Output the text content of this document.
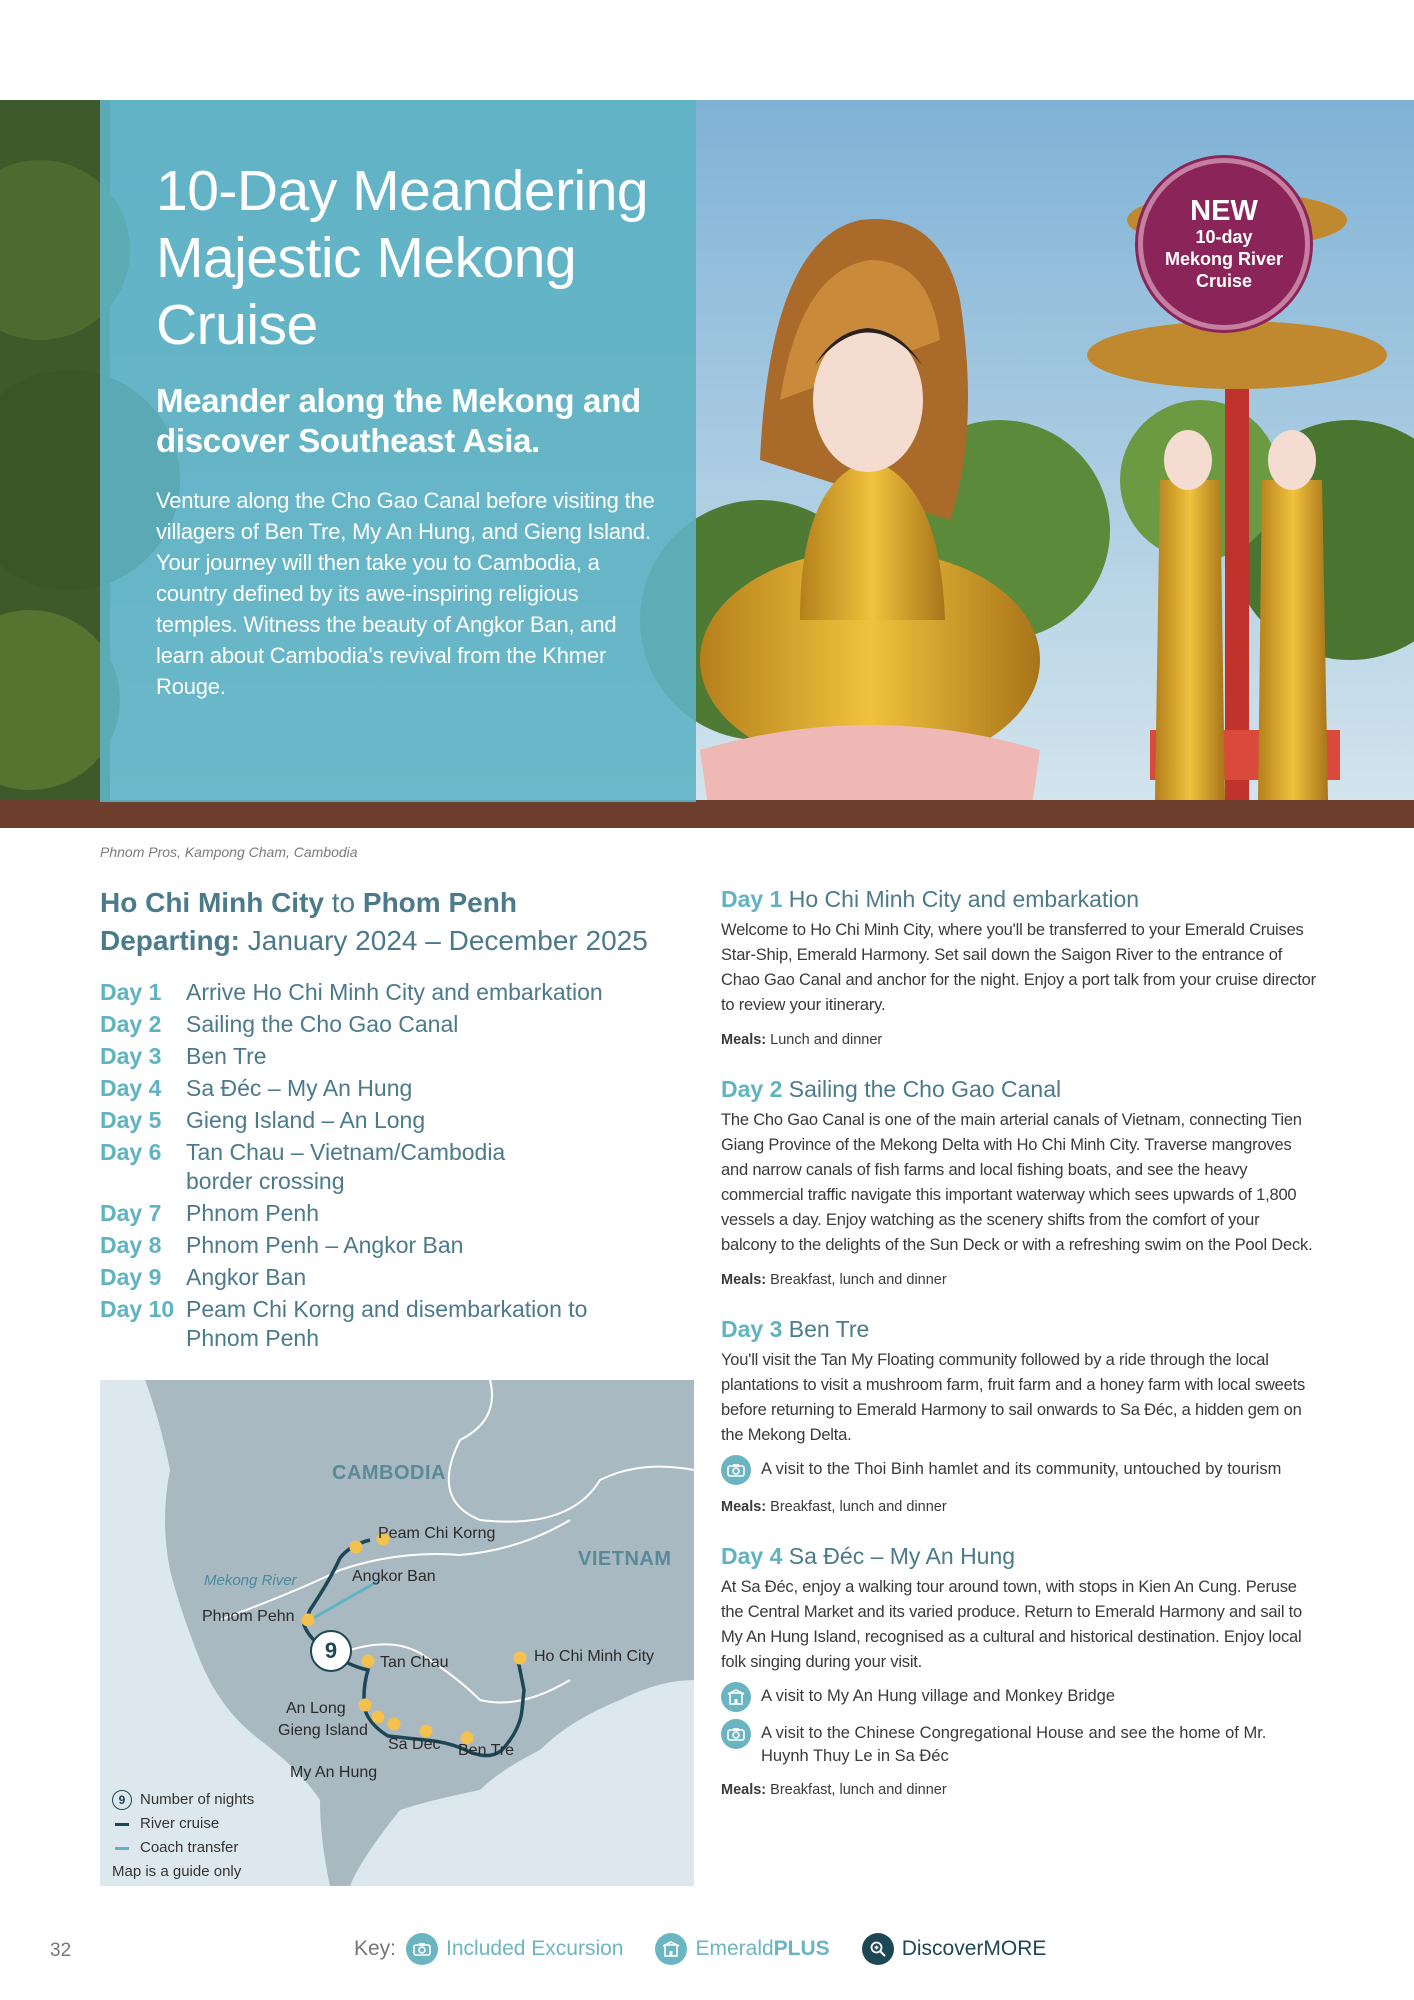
10-Day Meandering Majestic Mekong Cruise
Meander along the Mekong and discover Southeast Asia.

Venture along the Cho Gao Canal before visiting the villagers of Ben Tre, My An Hung, and Gieng Island. Your journey will then take you to Cambodia, a country defined by its awe-inspiring religious temples. Witness the beauty of Angkor Ban, and learn about Cambodia's revival from the Khmer Rouge.

NEW
10-day Mekong River Cruise
Phnom Pros, Kampong Cham, Cambodia
Ho Chi Minh City to Phom Penh
Departing: January 2024 – December 2025
Day 1	Arrive Ho Chi Minh City and embarkation
Day 2	Sailing the Cho Gao Canal
Day 3	Ben Tre
Day 4	Sa Đéc – My An Hung
Day 5	Gieng Island – An Long
Day 6	Tan Chau – Vietnam/Cambodia border crossing
Day 7	Phnom Penh
Day 8	Phnom Penh – Angkor Ban
Day 9	Angkor Ban
Day 10 Peam Chi Korng and disembarkation to Phnom Penh
CAMBODIA
VIETNAM
Mekong River
Peam Chi Korng
Angkor Ban
Phnom Pehn
Tan Chau	Ho Chi Minh City
An Long
Gieng Island
Sa Dec Ben Tre
My An Hung
9
9 Number of nights
River cruise
Coach transfer
Map is a guide only
Day 1 Ho Chi Minh City and embarkation

Welcome to Ho Chi Minh City, where you'll be transferred to your Emerald Cruises Star-Ship, Emerald Harmony. Set sail down the Saigon River to the entrance of Chao Gao Canal and anchor for the night. Enjoy a port talk from your cruise director to review your itinerary.

Meals: Lunch and dinner

Day 2 Sailing the Cho Gao Canal

The Cho Gao Canal is one of the main arterial canals of Vietnam, connecting Tien Giang Province of the Mekong Delta with Ho Chi Minh City. Traverse mangroves and narrow canals of fish farms and local fishing boats, and see the heavy commercial traffic navigate this important waterway which sees upwards of 1,800 vessels a day. Enjoy watching as the scenery shifts from the comfort of your balcony to the delights of the Sun Deck or with a refreshing swim on the Pool Deck.

Meals: Breakfast, lunch and dinner

Day 3 Ben Tre

You'll visit the Tan My Floating community followed by a ride through the local plantations to visit a mushroom farm, fruit farm and a honey farm with local sweets before returning to Emerald Harmony to sail onwards to Sa Đéc, a hidden gem on the Mekong Delta.

A visit to the Thoi Binh hamlet and its community, untouched by tourism

Meals: Breakfast, lunch and dinner

Day 4 Sa Đéc – My An Hung

At Sa Đéc, enjoy a walking tour around town, with stops in Kien An Cung. Peruse the Central Market and its varied produce. Return to Emerald Harmony and sail to My An Hung Island, recognised as a cultural and historical destination. Enjoy local folk singing during your visit.

A visit to My An Hung village and Monkey Bridge
A visit to the Chinese Congregational House and see the home of Mr. Huynh Thuy Le in Sa Đéc

Meals: Breakfast, lunch and dinner

32	Key: Included Excursion	EmeraldPLUS	DiscoverMORE
